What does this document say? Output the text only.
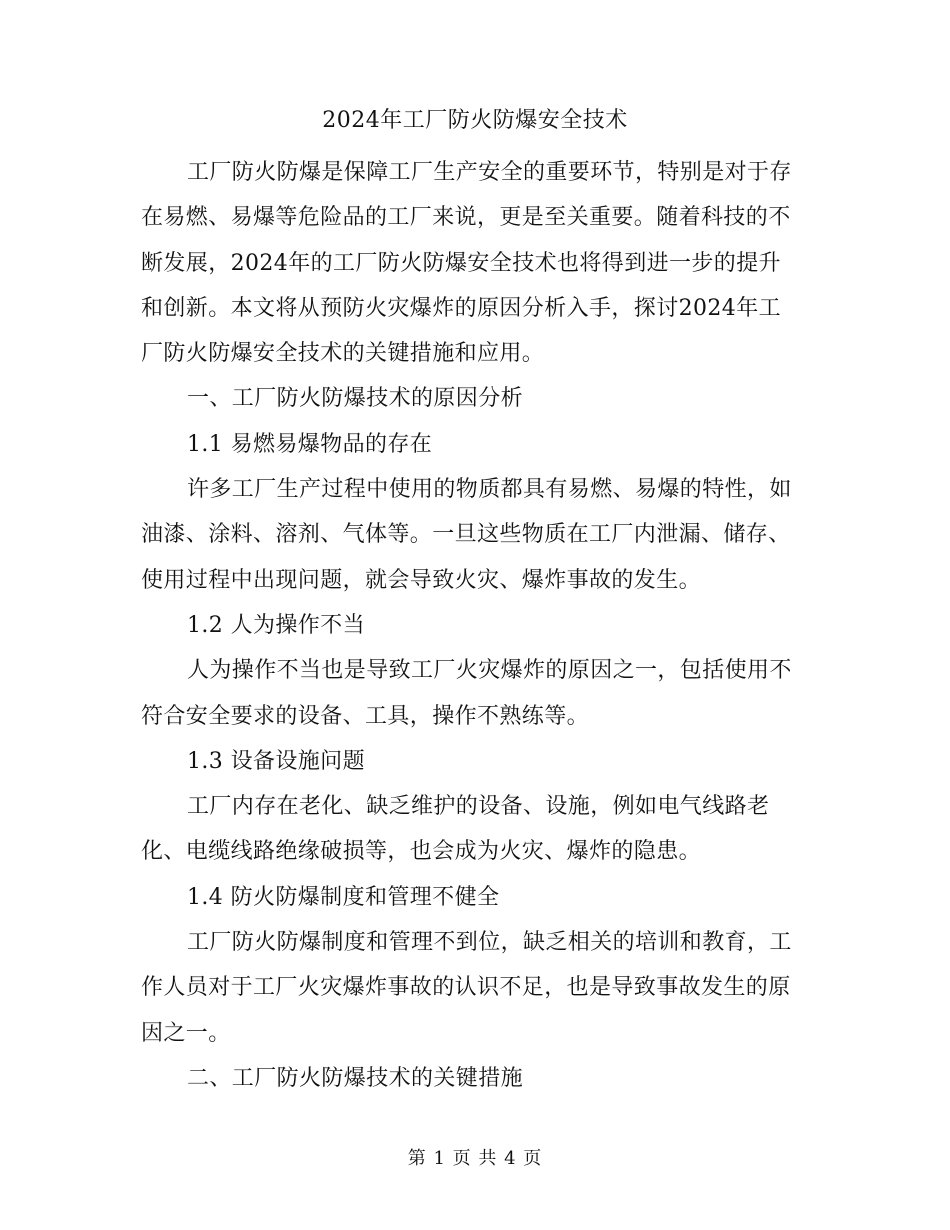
2024年工厂防火防爆安全技术

工厂防火防爆是保障工厂生产安全的重要环节，特别是对于存在易燃、易爆等危险品的工厂来说，更是至关重要。随着科技的不断发展，2024年的工厂防火防爆安全技术也将得到进一步的提升和创新。本文将从预防火灾爆炸的原因分析入手，探讨2024年工厂防火防爆安全技术的关键措施和应用。

一、工厂防火防爆技术的原因分析

1.1 易燃易爆物品的存在

许多工厂生产过程中使用的物质都具有易燃、易爆的特性，如油漆、涂料、溶剂、气体等。一旦这些物质在工厂内泄漏、储存、使用过程中出现问题，就会导致火灾、爆炸事故的发生。

1.2 人为操作不当

人为操作不当也是导致工厂火灾爆炸的原因之一，包括使用不符合安全要求的设备、工具，操作不熟练等。

1.3 设备设施问题

工厂内存在老化、缺乏维护的设备、设施，例如电气线路老化、电缆线路绝缘破损等，也会成为火灾、爆炸的隐患。

1.4 防火防爆制度和管理不健全

工厂防火防爆制度和管理不到位，缺乏相关的培训和教育，工作人员对于工厂火灾爆炸事故的认识不足，也是导致事故发生的原因之一。

二、工厂防火防爆技术的关键措施

第 1 页 共 4 页
